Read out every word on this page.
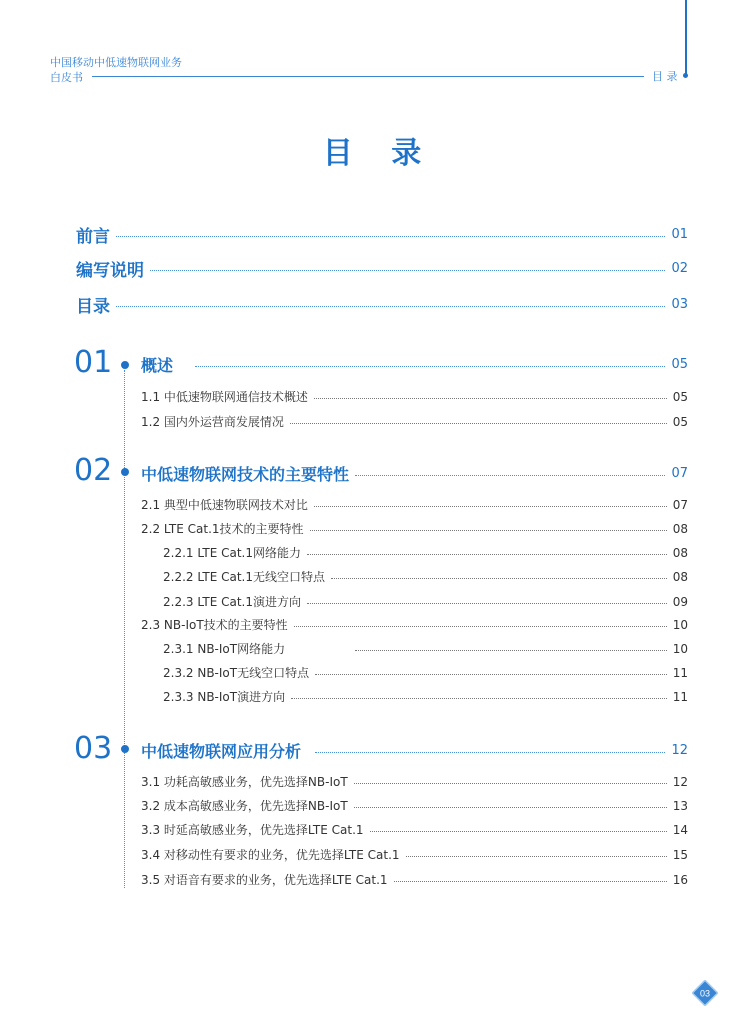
中国移动中低速物联网业务
白皮书	目 录
目 录
前言	01
编写说明	02
目录	03
01 概述	05
1.1 中低速物联网通信技术概述	05
1.2 国内外运营商发展情况	05
02 中低速物联网技术的主要特性	07
2.1 典型中低速物联网技术对比	07
2.2 LTE Cat.1技术的主要特性	08
2.2.1 LTE Cat.1网络能力	08
2.2.2 LTE Cat.1无线空口特点	08
2.2.3 LTE Cat.1演进方向	09
2.3 NB-IoT技术的主要特性	10
2.3.1 NB-IoT网络能力	10
2.3.2 NB-IoT无线空口特点	11
2.3.3 NB-IoT演进方向	11
03 中低速物联网应用分析	12
3.1 功耗高敏感业务，优先选择NB-IoT	12
3.2 成本高敏感业务，优先选择NB-IoT	13
3.3 时延高敏感业务，优先选择LTE Cat.1	14
3.4 对移动性有要求的业务，优先选择LTE Cat.1	15
3.5 对语音有要求的业务，优先选择LTE Cat.1	16
03
